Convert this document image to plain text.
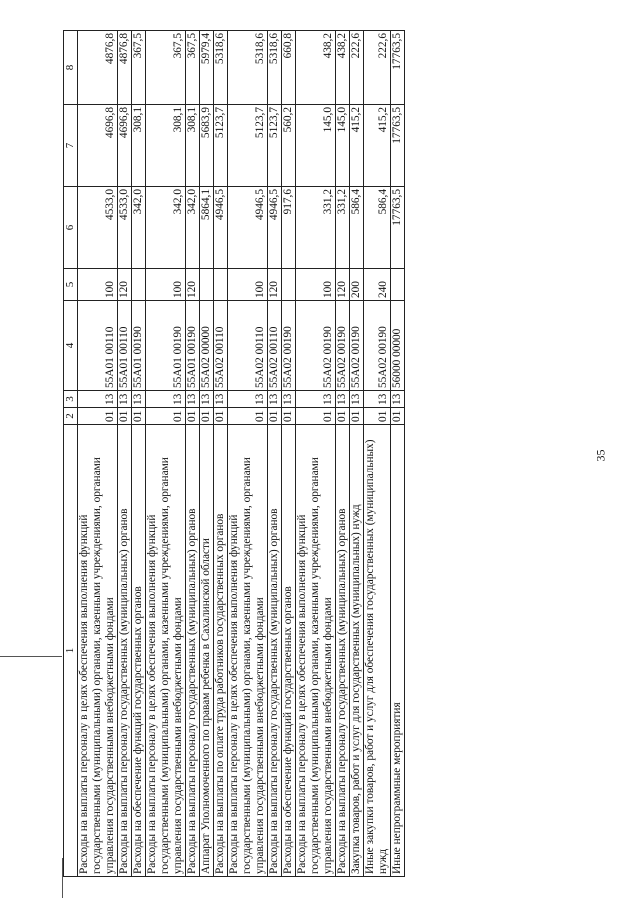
35
1	2	3	4	5	6	7	8
Расходы на выплаты персоналу в целях обеспечения выполнения функций государственными (муниципальными) органами, казенными учреждениями, органами управления государственными внебюджетными фондами	01	13	55А01 00110	100	4533,0	4696,8	4876,8
Расходы на выплаты персоналу государственных (муниципальных) органов	01	13	55А01 00110	120	4533,0	4696,8	4876,8
Расходы на обеспечение функций государственных органов	01	13	55А01 00190		342,0	308,1	367,5
Расходы на выплаты персоналу в целях обеспечения выполнения функций государственными (муниципальными) органами, казенными учреждениями, органами управления государственными внебюджетными фондами	01	13	55А01 00190	100	342,0	308,1	367,5
Расходы на выплаты персоналу государственных (муниципальных) органов	01	13	55А01 00190	120	342,0	308,1	367,5
Аппарат Уполномоченного по правам ребенка в Сахалинской области	01	13	55А02 00000		5864,1	5683,9	5979,4
Расходы на выплаты по оплате труда работников государственных органов	01	13	55А02 00110		4946,5	5123,7	5318,6
Расходы на выплаты персоналу в целях обеспечения выполнения функций государственными (муниципальными) органами, казенными учреждениями, органами управления государственными внебюджетными фондами	01	13	55А02 00110	100	4946,5	5123,7	5318,6
Расходы на выплаты персоналу государственных (муниципальных) органов	01	13	55А02 00110	120	4946,5	5123,7	5318,6
Расходы на обеспечение функций государственных органов	01	13	55А02 00190		917,6	560,2	660,8
Расходы на выплаты персоналу в целях обеспечения выполнения функций государственными (муниципальными) органами, казенными учреждениями, органами управления государственными внебюджетными фондами	01	13	55А02 00190	100	331,2	145,0	438,2
Расходы на выплаты персоналу государственных (муниципальных) органов	01	13	55А02 00190	120	331,2	145,0	438,2
Закупка товаров, работ и услуг для государственных (муниципальных) нужд	01	13	55А02 00190	200	586,4	415,2	222,6
Иные закупки товаров, работ и услуг для обеспечения государственных (муниципальных) нужд	01	13	55А02 00190	240	586,4	415,2	222,6
Иные непрограммные мероприятия	01	13	56000 00000		17763,5	17763,5	17763,5
